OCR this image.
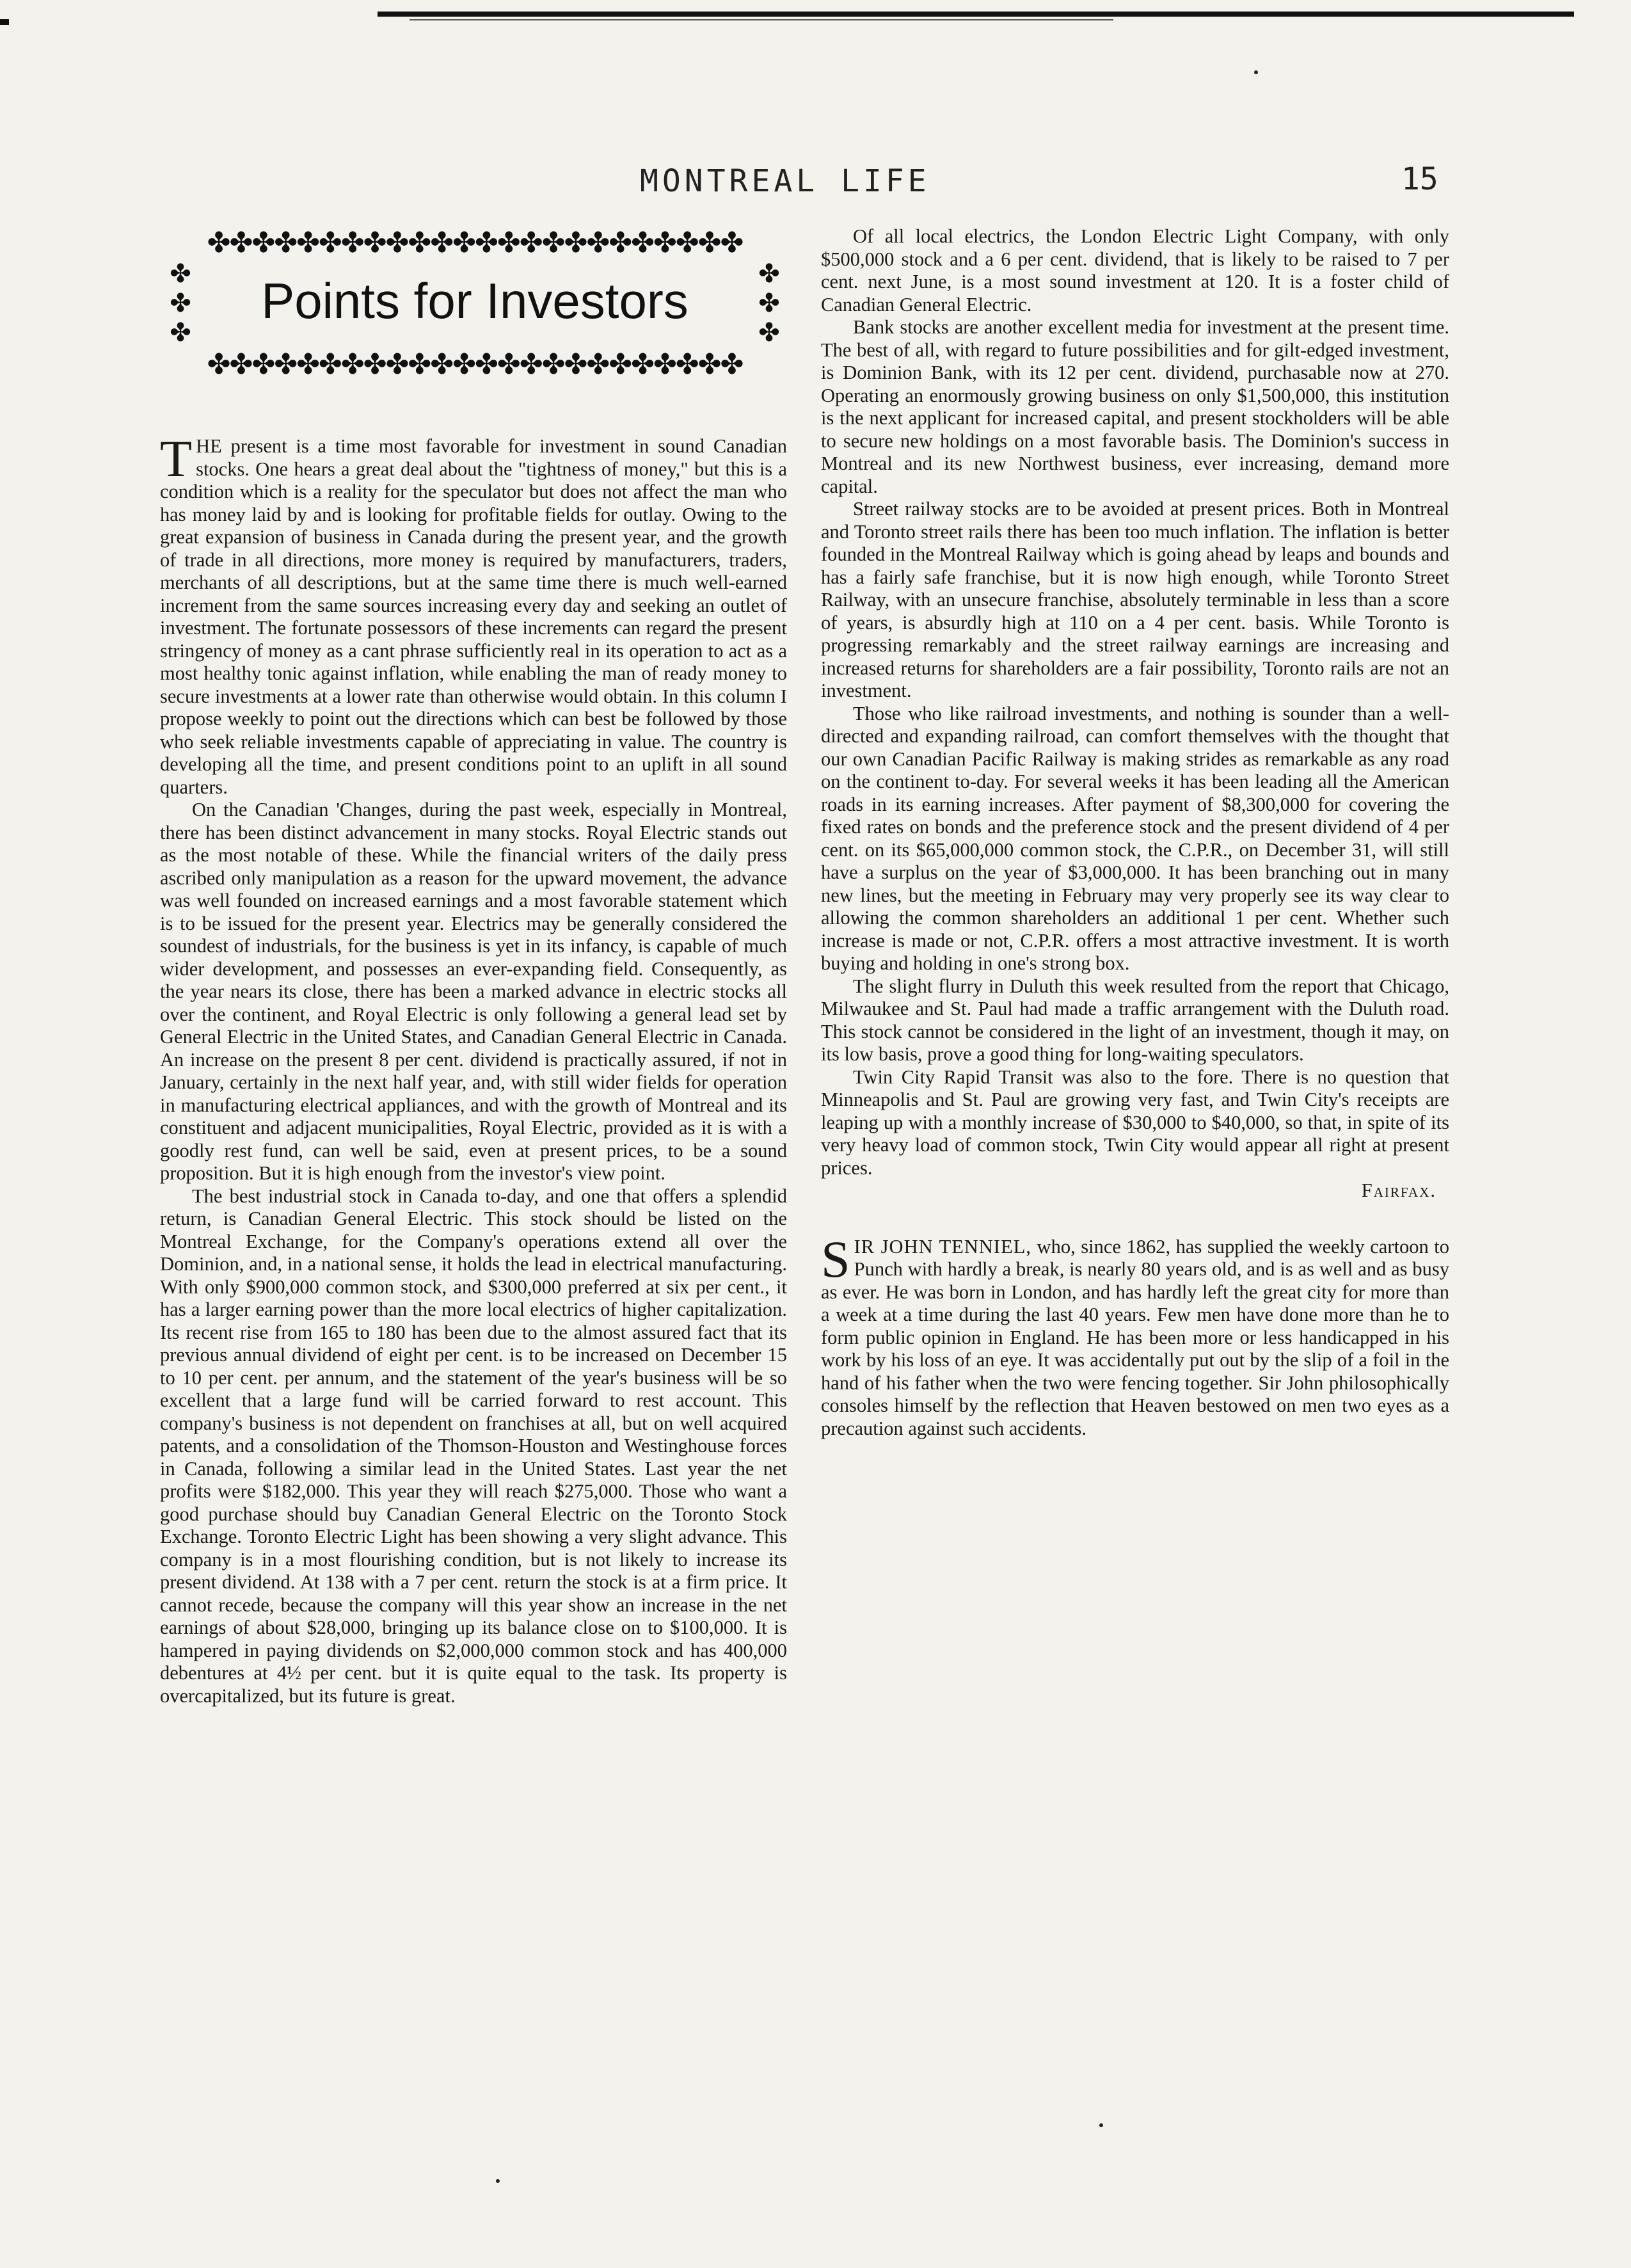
MONTREAL LIFE	15
✤✤✤✤✤✤✤✤✤✤✤✤✤✤✤✤✤✤✤✤✤✤✤✤
✤
✤
✤
Points for Investors	✤
✤
✤
✤✤✤✤✤✤✤✤✤✤✤✤✤✤✤✤✤✤✤✤✤✤✤✤

THE present is a time most favorable for investment in sound Canadian stocks. One hears a great deal about the "tightness of money," but this is a condition which is a reality for the speculator but does not affect the man who has money laid by and is looking for profitable fields for outlay. Owing to the great expansion of business in Canada during the present year, and the growth of trade in all directions, more money is required by manufacturers, traders, merchants of all descriptions, but at the same time there is much well-earned increment from the same sources increasing every day and seeking an outlet of investment. The fortunate possessors of these increments can regard the present stringency of money as a cant phrase sufficiently real in its operation to act as a most healthy tonic against inflation, while enabling the man of ready money to secure investments at a lower rate than otherwise would obtain. In this column I propose weekly to point out the directions which can best be followed by those who seek reliable investments capable of appreciating in value. The country is developing all the time, and present conditions point to an uplift in all sound quarters.

On the Canadian 'Changes, during the past week, especially in Montreal, there has been distinct advancement in many stocks. Royal Electric stands out as the most notable of these. While the financial writers of the daily press ascribed only manipulation as a reason for the upward movement, the advance was well founded on increased earnings and a most favorable statement which is to be issued for the present year. Electrics may be generally considered the soundest of industrials, for the business is yet in its infancy, is capable of much wider development, and possesses an ever-expanding field. Consequently, as the year nears its close, there has been a marked advance in electric stocks all over the continent, and Royal Electric is only following a general lead set by General Electric in the United States, and Canadian General Electric in Canada. An increase on the present 8 per cent. dividend is practically assured, if not in January, certainly in the next half year, and, with still wider fields for operation in manufacturing electrical appliances, and with the growth of Montreal and its constituent and adjacent municipalities, Royal Electric, provided as it is with a goodly rest fund, can well be said, even at present prices, to be a sound proposition. But it is high enough from the investor's view point.

The best industrial stock in Canada to-day, and one that offers a splendid return, is Canadian General Electric. This stock should be listed on the Montreal Exchange, for the Company's operations extend all over the Dominion, and, in a national sense, it holds the lead in electrical manufacturing. With only $900,000 common stock, and $300,000 preferred at six per cent., it has a larger earning power than the more local electrics of higher capitalization. Its recent rise from 165 to 180 has been due to the almost assured fact that its previous annual dividend of eight per cent. is to be increased on December 15 to 10 per cent. per annum, and the statement of the year's business will be so excellent that a large fund will be carried forward to rest account. This company's business is not dependent on franchises at all, but on well acquired patents, and a consolidation of the Thomson-Houston and Westinghouse forces in Canada, following a similar lead in the United States. Last year the net profits were $182,000. This year they will reach $275,000. Those who want a good purchase should buy Canadian General Electric on the Toronto Stock Exchange. Toronto Electric Light has been showing a very slight advance. This company is in a most flourishing condition, but is not likely to increase its present dividend. At 138 with a 7 per cent. return the stock is at a firm price. It cannot recede, because the company will this year show an increase in the net earnings of about $28,000, bringing up its balance close on to $100,000. It is hampered in paying dividends on $2,000,000 common stock and has 400,000 debentures at 4½ per cent. but it is quite equal to the task. Its property is overcapitalized, but its future is great.

Of all local electrics, the London Electric Light Company, with only $500,000 stock and a 6 per cent. dividend, that is likely to be raised to 7 per cent. next June, is a most sound investment at 120. It is a foster child of Canadian General Electric.

Bank stocks are another excellent media for investment at the present time. The best of all, with regard to future possibilities and for gilt-edged investment, is Dominion Bank, with its 12 per cent. dividend, purchasable now at 270. Operating an enormously growing business on only $1,500,000, this institution is the next applicant for increased capital, and present stockholders will be able to secure new holdings on a most favorable basis. The Dominion's success in Montreal and its new Northwest business, ever increasing, demand more capital.

Street railway stocks are to be avoided at present prices. Both in Montreal and Toronto street rails there has been too much inflation. The inflation is better founded in the Montreal Railway which is going ahead by leaps and bounds and has a fairly safe franchise, but it is now high enough, while Toronto Street Railway, with an unsecure franchise, absolutely terminable in less than a score of years, is absurdly high at 110 on a 4 per cent. basis. While Toronto is progressing remarkably and the street railway earnings are increasing and increased returns for shareholders are a fair possibility, Toronto rails are not an investment.

Those who like railroad investments, and nothing is sounder than a well-directed and expanding railroad, can comfort themselves with the thought that our own Canadian Pacific Railway is making strides as remarkable as any road on the continent to-day. For several weeks it has been leading all the American roads in its earning increases. After payment of $8,300,000 for covering the fixed rates on bonds and the preference stock and the present dividend of 4 per cent. on its $65,000,000 common stock, the C.P.R., on December 31, will still have a surplus on the year of $3,000,000. It has been branching out in many new lines, but the meeting in February may very properly see its way clear to allowing the common shareholders an additional 1 per cent. Whether such increase is made or not, C.P.R. offers a most attractive investment. It is worth buying and holding in one's strong box.

The slight flurry in Duluth this week resulted from the report that Chicago, Milwaukee and St. Paul had made a traffic arrangement with the Duluth road. This stock cannot be considered in the light of an investment, though it may, on its low basis, prove a good thing for long-waiting speculators.

Twin City Rapid Transit was also to the fore. There is no question that Minneapolis and St. Paul are growing very fast, and Twin City's receipts are leaping up with a monthly increase of $30,000 to $40,000, so that, in spite of its very heavy load of common stock, Twin City would appear all right at present prices.

Fairfax.

SIR JOHN TENNIEL, who, since 1862, has supplied the weekly cartoon to Punch with hardly a break, is nearly 80 years old, and is as well and as busy as ever. He was born in London, and has hardly left the great city for more than a week at a time during the last 40 years. Few men have done more than he to form public opinion in England. He has been more or less handicapped in his work by his loss of an eye. It was accidentally put out by the slip of a foil in the hand of his father when the two were fencing together. Sir John philosophically consoles himself by the reflection that Heaven bestowed on men two eyes as a precaution against such accidents.
